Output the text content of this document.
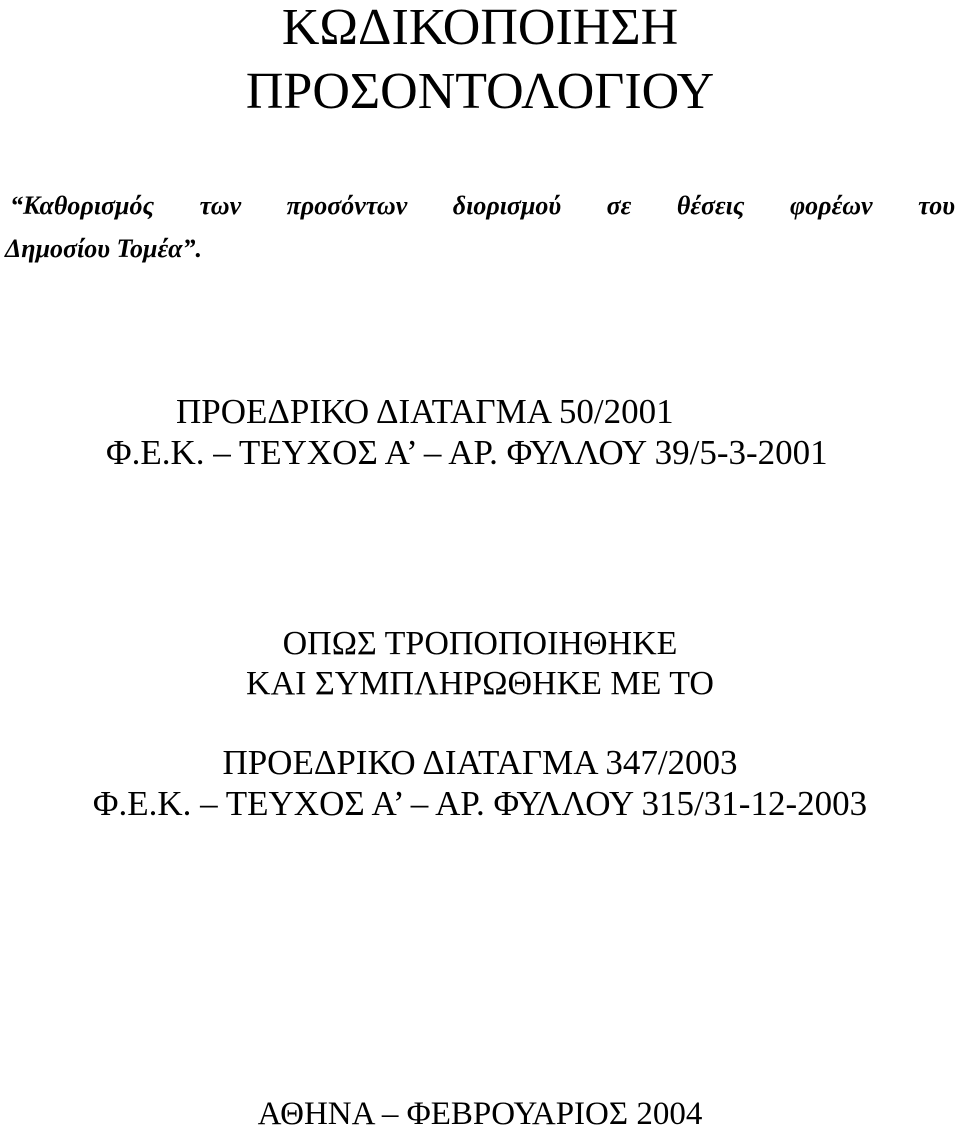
ΚΩΔΙΚΟΠΟΙΗΣΗ
ΠΡΟΣΟΝΤΟΛΟΓΙΟΥ
“Καθορισμός των προσόντων διορισμού σε θέσεις φορέων του
Δημοσίου Τομέα”.
ΠΡΟΕΔΡΙΚΟ ΔΙΑΤΑΓΜΑ 50/2001
Φ.Ε.Κ. – ΤΕΥΧΟΣ Α’ – ΑΡ. ΦΥΛΛΟΥ 39/5-3-2001
ΟΠΩΣ ΤΡΟΠΟΠΟΙΗΘΗΚΕ
ΚΑΙ ΣΥΜΠΛΗΡΩΘΗΚΕ ΜΕ ΤΟ
ΠΡΟΕΔΡΙΚΟ ΔΙΑΤΑΓΜΑ 347/2003
Φ.Ε.Κ. – ΤΕΥΧΟΣ Α’ – ΑΡ. ΦΥΛΛΟΥ 315/31-12-2003
ΑΘΗΝΑ – ΦΕΒΡΟΥΑΡΙΟΣ 2004
